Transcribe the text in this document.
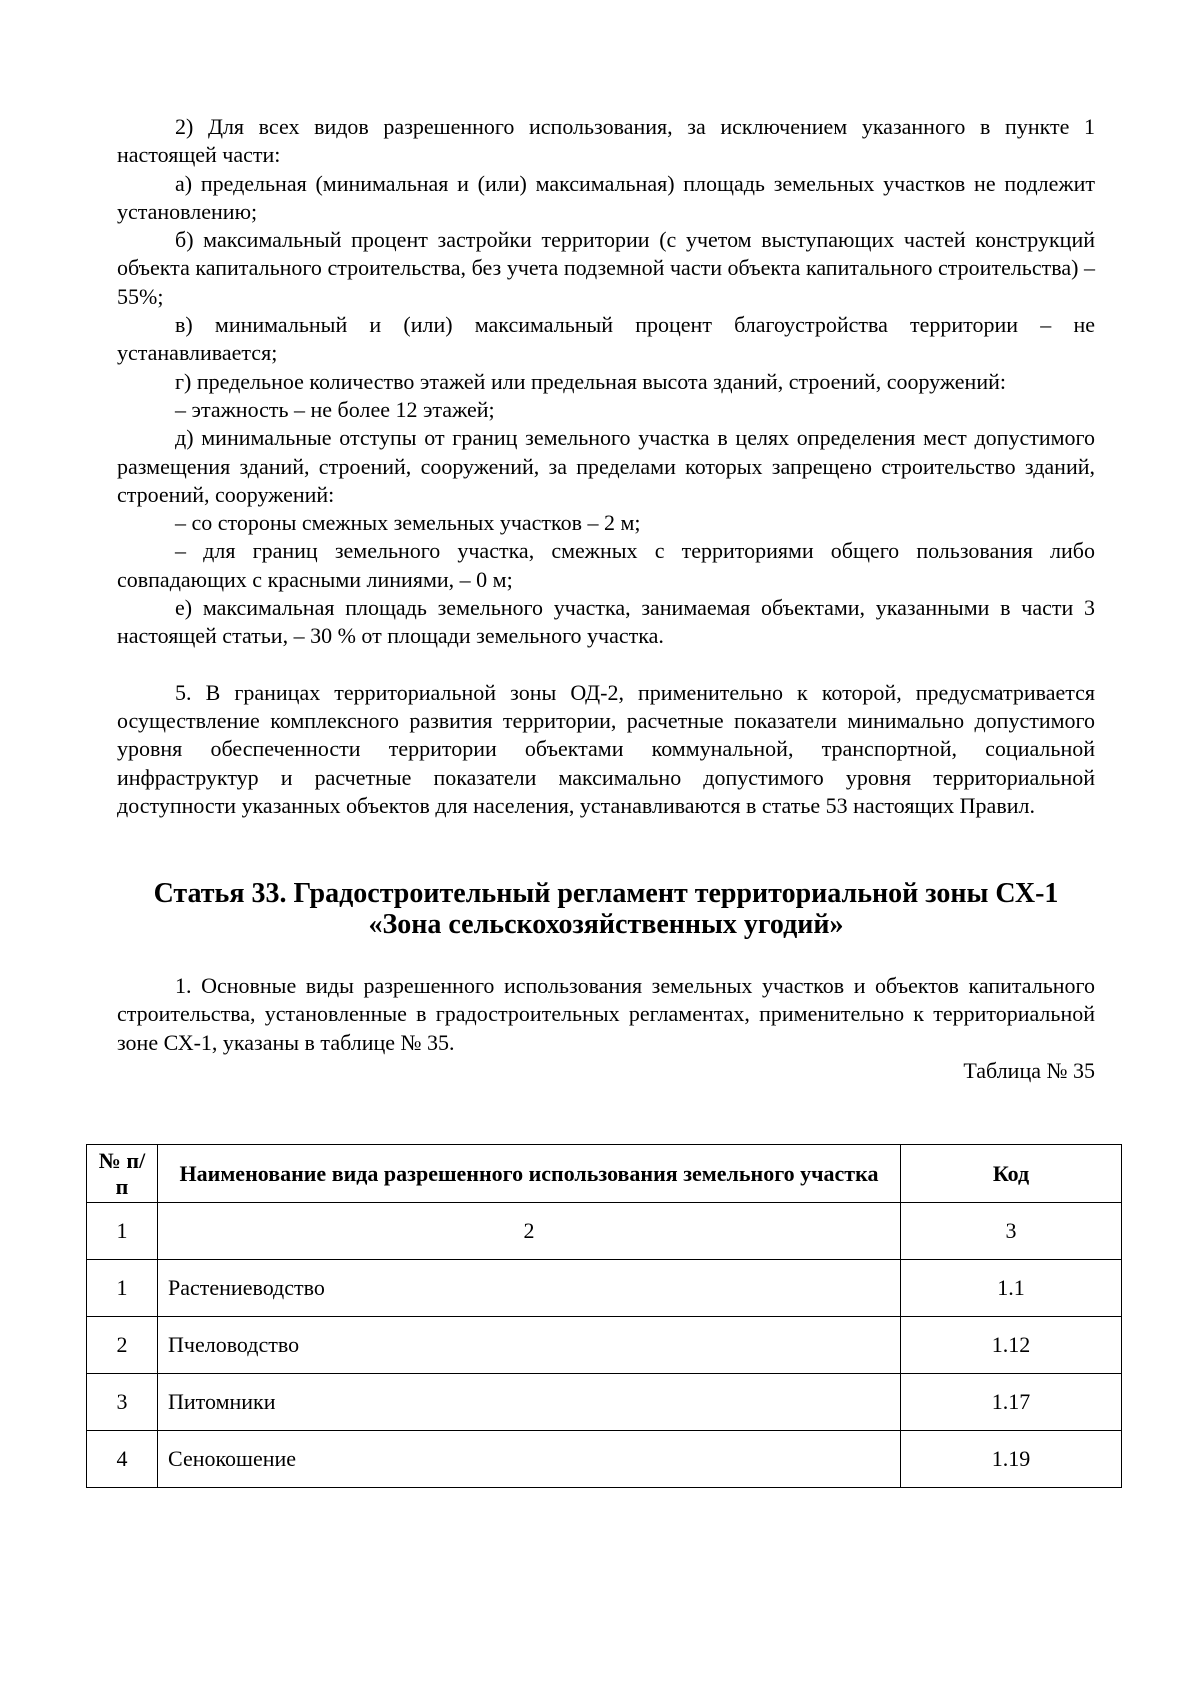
2) Для всех видов разрешенного использования, за исключением указанного в пункте 1 настоящей части:

а) предельная (минимальная и (или) максимальная) площадь земельных участков не подлежит установлению;

б) максимальный процент застройки территории (с учетом выступающих частей конструкций объекта капитального строительства, без учета подземной части объекта капитального строительства) – 55%;

в) минимальный и (или) максимальный процент благоустройства территории – не устанавливается;

г) предельное количество этажей или предельная высота зданий, строений, сооружений:

– этажность – не более 12 этажей;

д) минимальные отступы от границ земельного участка в целях определения мест допустимого размещения зданий, строений, сооружений, за пределами которых запрещено строительство зданий, строений, сооружений:

– со стороны смежных земельных участков – 2 м;

– для границ земельного участка, смежных с территориями общего пользования либо совпадающих с красными линиями, – 0 м;

е) максимальная площадь земельного участка, занимаемая объектами, указанными в части 3 настоящей статьи, – 30 % от площади земельного участка.

5. В границах территориальной зоны ОД-2, применительно к которой, предусматривается осуществление комплексного развития территории, расчетные показатели минимально допустимого уровня обеспеченности территории объектами коммунальной, транспортной, социальной инфраструктур и расчетные показатели максимально допустимого уровня территориальной доступности указанных объектов для населения, устанавливаются в статье 53 настоящих Правил.

Статья 33. Градостроительный регламент территориальной зоны СХ-1

«Зона сельскохозяйственных угодий»

1. Основные виды разрешенного использования земельных участков и объектов капитального строительства, установленные в градостроительных регламентах, применительно к территориальной зоне СХ-1, указаны в таблице № 35.

Таблица № 35

№ п/п	Наименование вида разрешенного использования земельного участка	Код
1	2	3
1	Растениеводство	1.1
2	Пчеловодство	1.12
3	Питомники	1.17
4	Сенокошение	1.19
